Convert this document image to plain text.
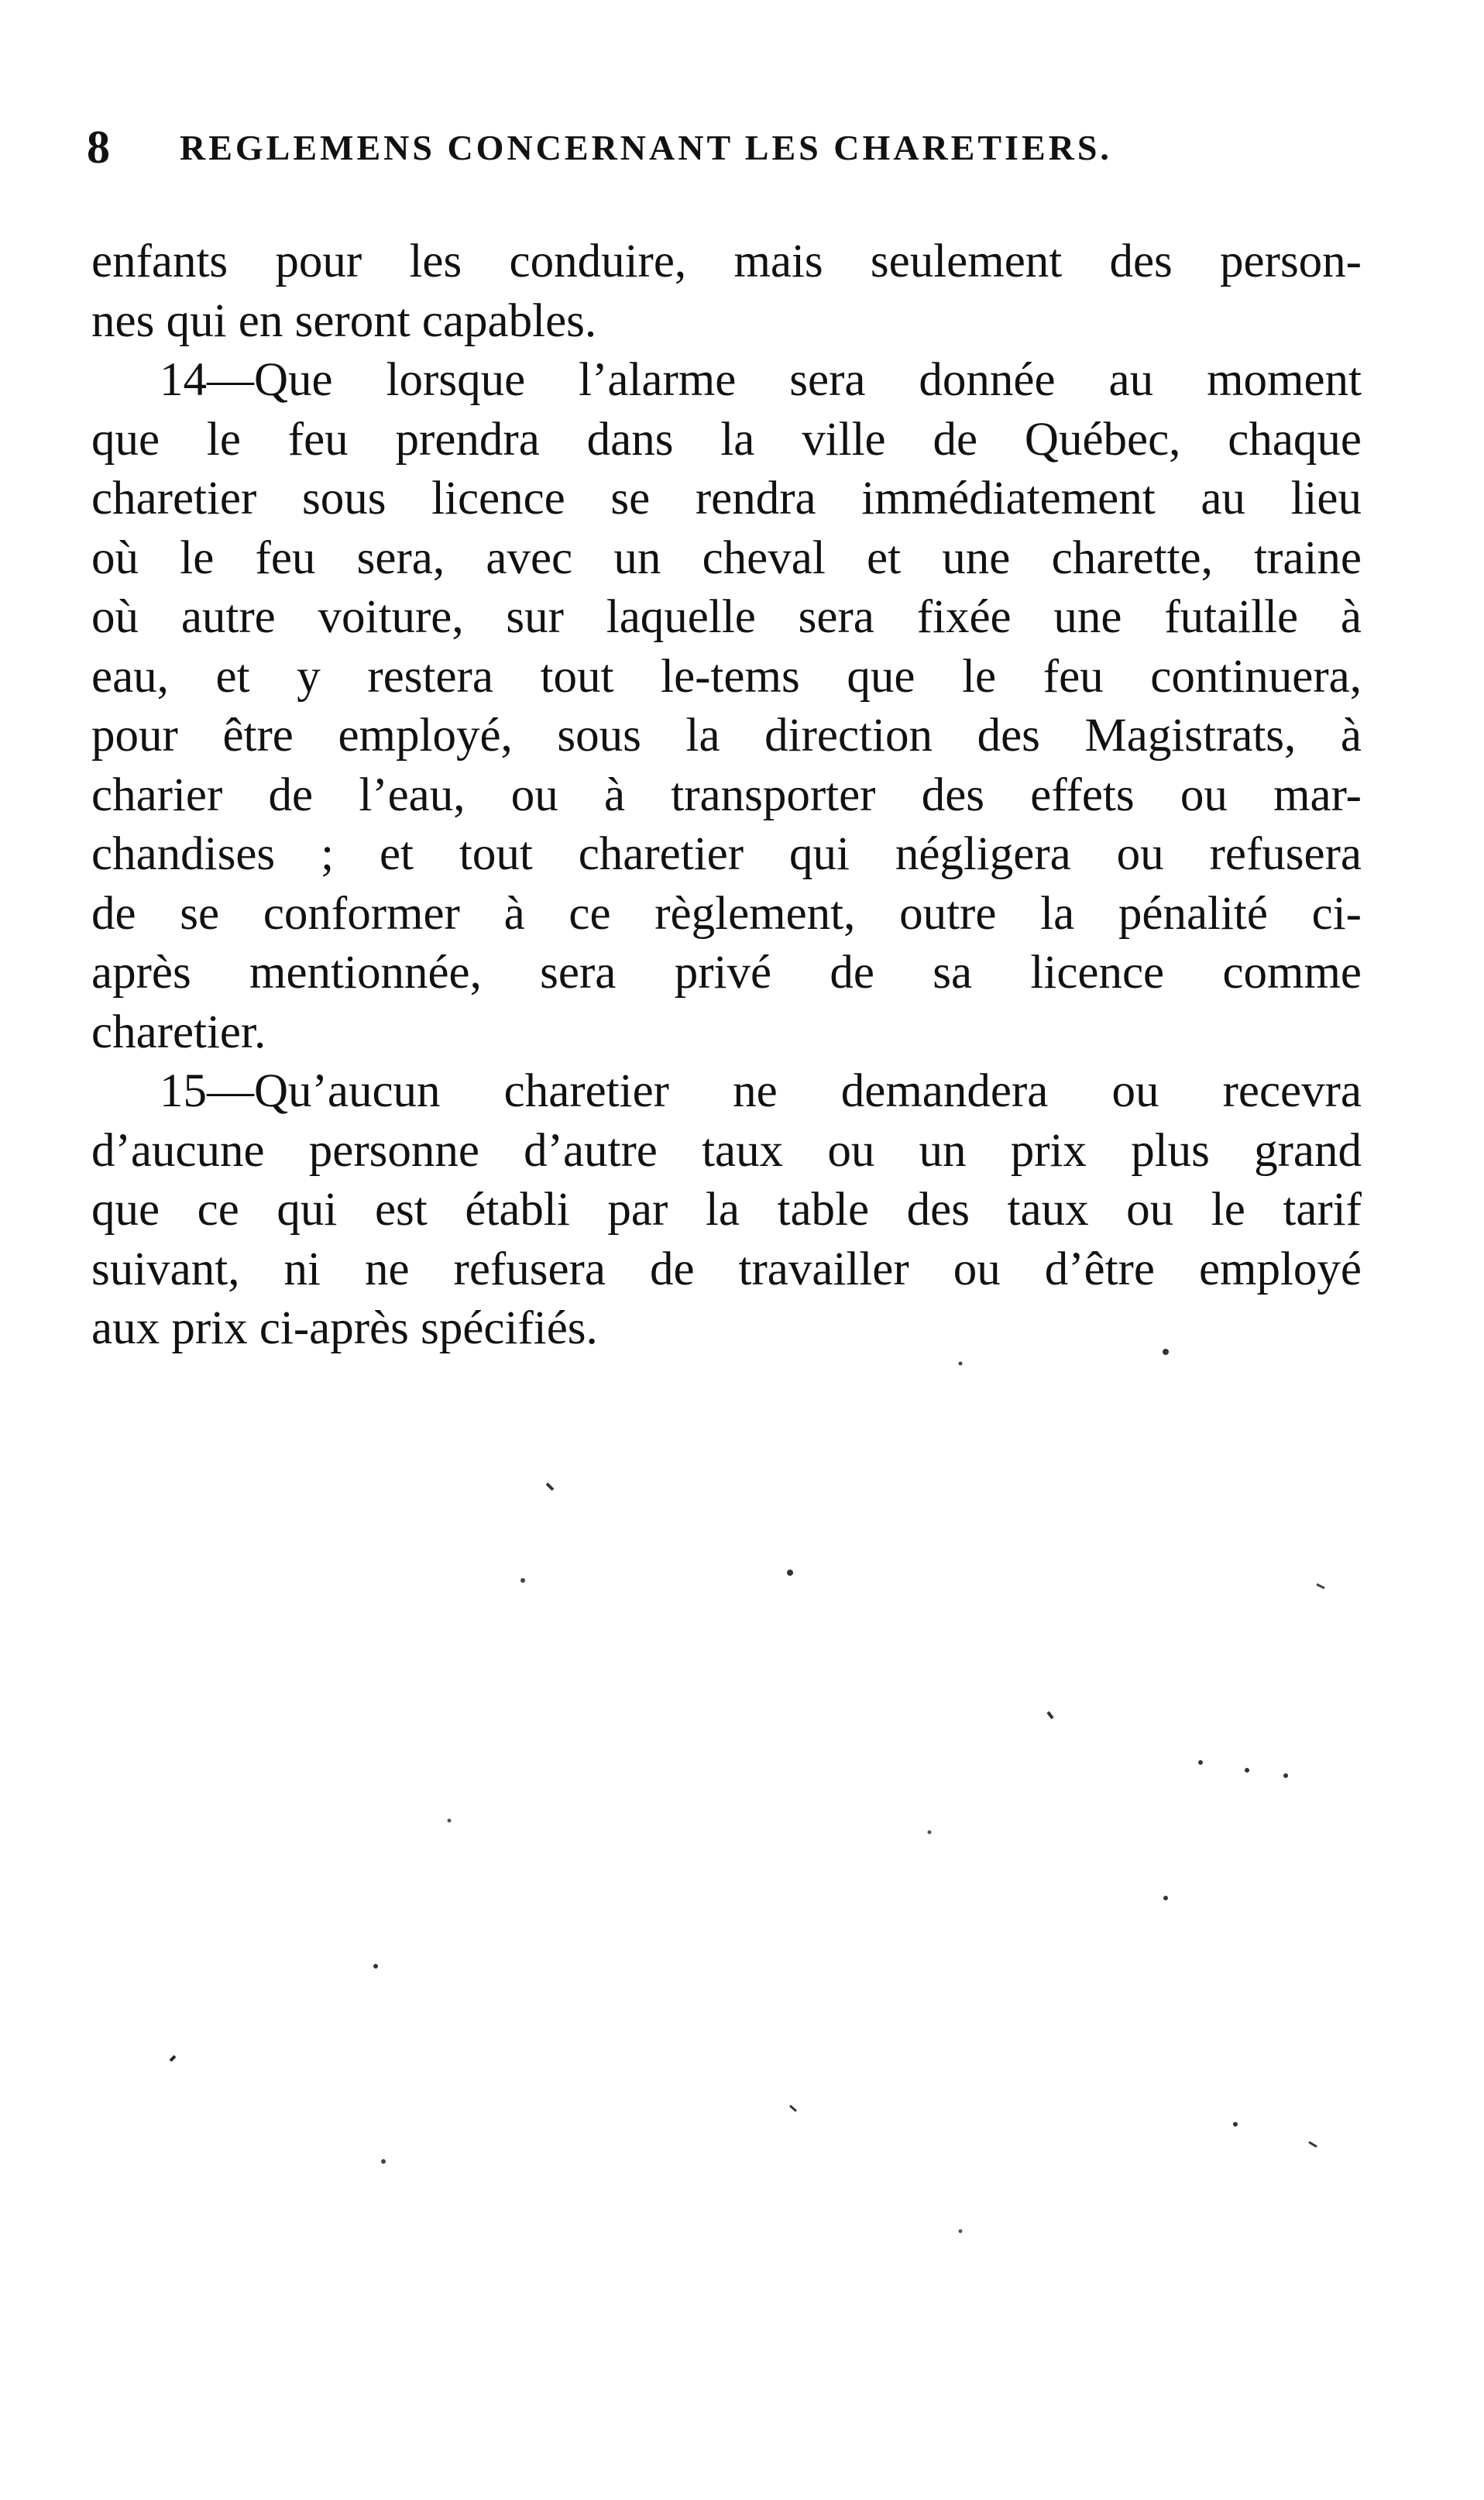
8	REGLEMENS CONCERNANT LES CHARETIERS.
enfants pour les conduire, mais seulement des person-
nes qui en seront capables.
14—Que lorsque l’alarme sera donnée au moment
que le feu prendra dans la ville de Québec, chaque
charetier sous licence se rendra immédiatement au lieu
où le feu sera, avec un cheval et une charette, traine
où autre voiture, sur laquelle sera fixée une futaille à
eau, et y restera tout le-tems que le feu continuera,
pour être employé, sous la direction des Magistrats, à
charier de l’eau, ou à transporter des effets ou mar-
chandises ; et tout charetier qui négligera ou refusera
de se conformer à ce règlement, outre la pénalité ci-
après mentionnée, sera privé de sa licence comme
charetier.
15—Qu’aucun charetier ne demandera ou recevra
d’aucune personne d’autre taux ou un prix plus grand
que ce qui est établi par la table des taux ou le tarif
suivant, ni ne refusera de travailler ou d’être employé
aux prix ci-après spécifiés.
